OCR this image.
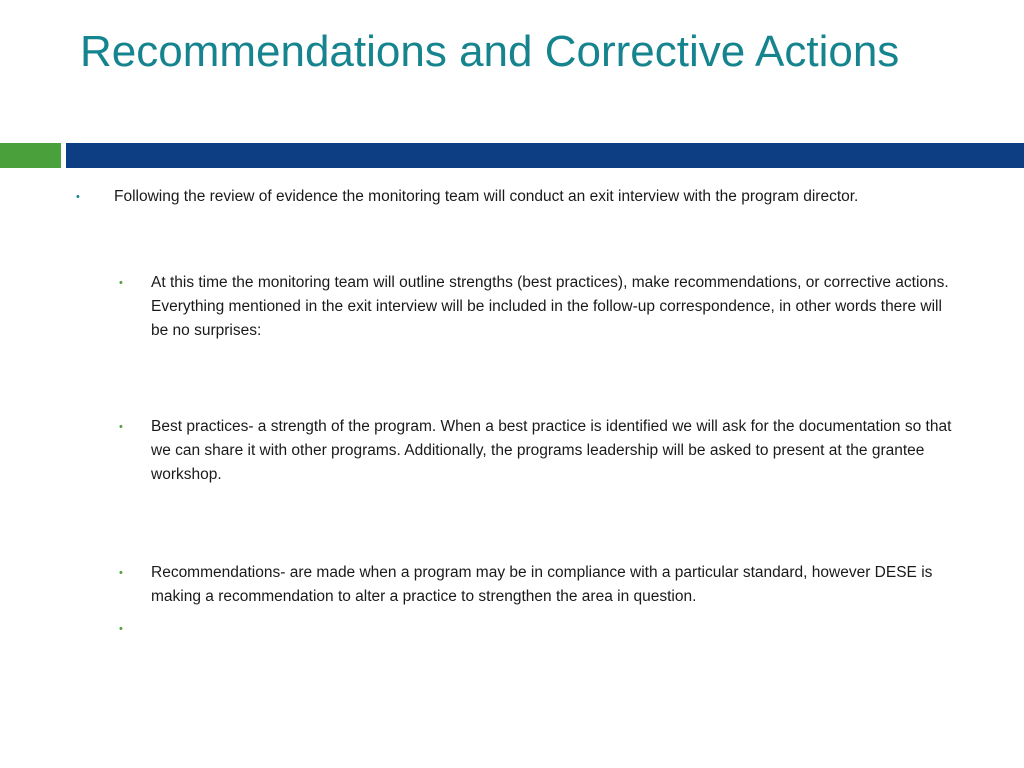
Recommendations and Corrective Actions
• Following the review of evidence the monitoring team will conduct an exit interview with the program director.
• At this time the monitoring team will outline strengths (best practices), make recommendations, or corrective actions. Everything mentioned in the exit interview will be included in the follow-up correspondence, in other words there will be no surprises:
• Best practices- a strength of the program. When a best practice is identified we will ask for the documentation so that we can share it with other programs. Additionally, the programs leadership will be asked to present at the grantee workshop.
• Recommendations- are made when a program may be in compliance with a particular standard, however DESE is making a recommendation to alter a practice to strengthen the area in question.
•
